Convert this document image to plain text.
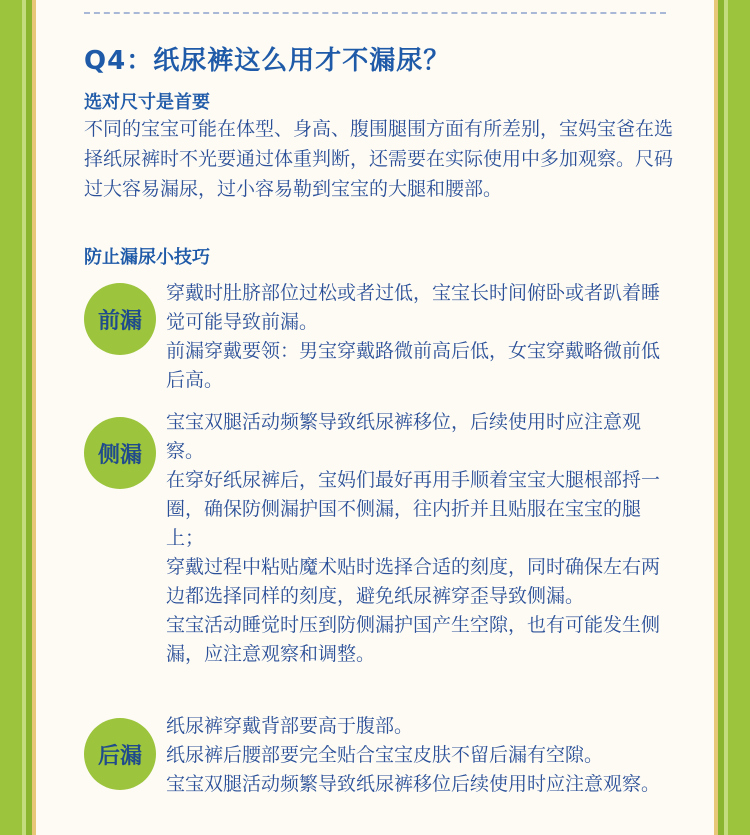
Q4：纸尿裤这么用才不漏尿？
选对尺寸是首要

不同的宝宝可能在体型、身高、腹围腿围方面有所差别，宝妈宝爸在选择纸尿裤时不光要通过体重判断，还需要在实际使用中多加观察。尺码过大容易漏尿，过小容易勒到宝宝的大腿和腰部。

防止漏尿小技巧
前漏

穿戴时肚脐部位过松或者过低，宝宝长时间俯卧或者趴着睡觉可能导致前漏。

前漏穿戴要领：男宝穿戴路微前高后低，女宝穿戴略微前低后高。

侧漏

宝宝双腿活动频繁导致纸尿裤移位，后续使用时应注意观察。

在穿好纸尿裤后，宝妈们最好再用手顺着宝宝大腿根部捋一圈，确保防侧漏护国不侧漏，往内折并且贴服在宝宝的腿上；

穿戴过程中粘贴魔术贴时选择合适的刻度，同时确保左右两边都选择同样的刻度，避免纸尿裤穿歪导致侧漏。

宝宝活动睡觉时压到防侧漏护国产生空隙，也有可能发生侧漏，应注意观察和调整。

后漏

纸尿裤穿戴背部要高于腹部。

纸尿裤后腰部要完全贴合宝宝皮肤不留后漏有空隙。

宝宝双腿活动频繁导致纸尿裤移位后续使用时应注意观察。
